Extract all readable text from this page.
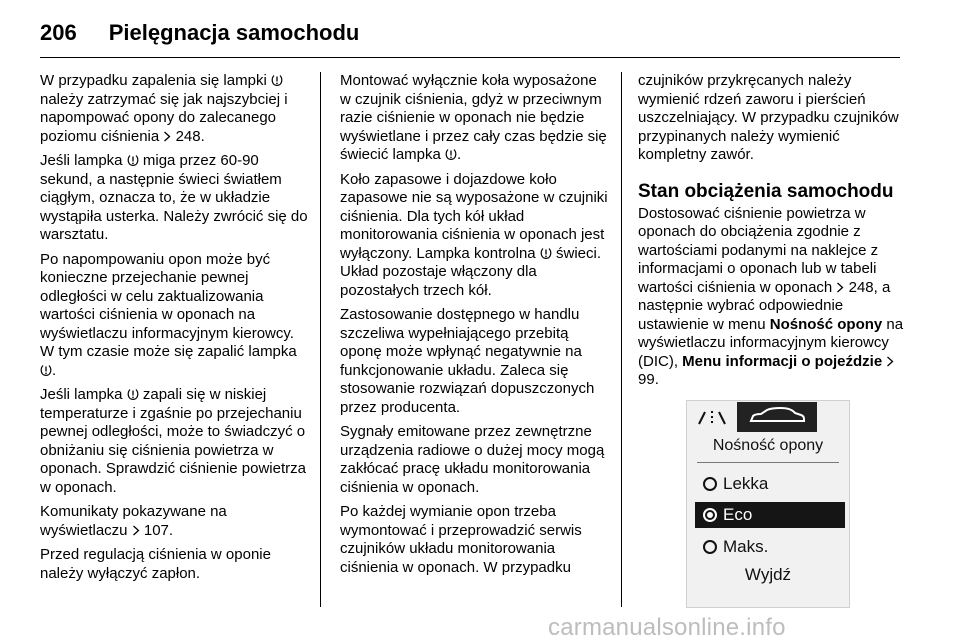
206 Pielęgnacja samochodu

W przypadku zapalenia się lampki  należy zatrzymać się jak najszybciej i napompować opony do zalecanego poziomu ciśnienia  248.

Jeśli lampka  miga przez 60-90 sekund, a następnie świeci światłem ciągłym, oznacza to, że w układzie wystąpiła usterka. Należy zwrócić się do warsztatu.

Po napompowaniu opon może być konieczne przejechanie pewnej odległości w celu zaktualizowania wartości ciśnienia w oponach na wyświetlaczu informacyjnym kierowcy. W tym czasie może się zapalić lampka .

Jeśli lampka  zapali się w niskiej temperaturze i zgaśnie po przejechaniu pewnej odległości, może to świadczyć o obniżaniu się ciśnienia powietrza w oponach. Sprawdzić ciśnienie powietrza w oponach.

Komunikaty pokazywane na wyświetlaczu  107.

Przed regulacją ciśnienia w oponie należy wyłączyć zapłon.

Montować wyłącznie koła wyposażone w czujnik ciśnienia, gdyż w przeciwnym razie ciśnienie w oponach nie będzie wyświetlane i przez cały czas będzie się świecić lampka .

Koło zapasowe i dojazdowe koło zapasowe nie są wyposażone w czujniki ciśnienia. Dla tych kół układ monitorowania ciśnienia w oponach jest wyłączony. Lampka kontrolna  świeci. Układ pozostaje włączony dla pozostałych trzech kół.

Zastosowanie dostępnego w handlu szczeliwa wypełniającego przebitą oponę może wpłynąć negatywnie na funkcjonowanie układu. Zaleca się stosowanie rozwiązań dopuszczonych przez producenta.

Sygnały emitowane przez zewnętrzne urządzenia radiowe o dużej mocy mogą zakłócać pracę układu monitorowania ciśnienia w oponach.

Po każdej wymianie opon trzeba wymontować i przeprowadzić serwis czujników układu monitorowania ciśnienia w oponach. W przypadku

czujników przykręcanych należy wymienić rdzeń zaworu i pierścień uszczelniający. W przypadku czujników przypinanych należy wymienić kompletny zawór.

Stan obciążenia samochodu

Dostosować ciśnienie powietrza w oponach do obciążenia zgodnie z wartościami podanymi na naklejce z informacjami o oponach lub w tabeli wartości ciśnienia w oponach  248, a następnie wybrać odpowiednie ustawienie w menu Nośność opony na wyświetlaczu informacyjnym kierowcy (DIC), Menu informacji o pojeździe  99.

Nośność opony
Lekka
Eco
Maks.
Wyjdź
carmanualsonline.info
